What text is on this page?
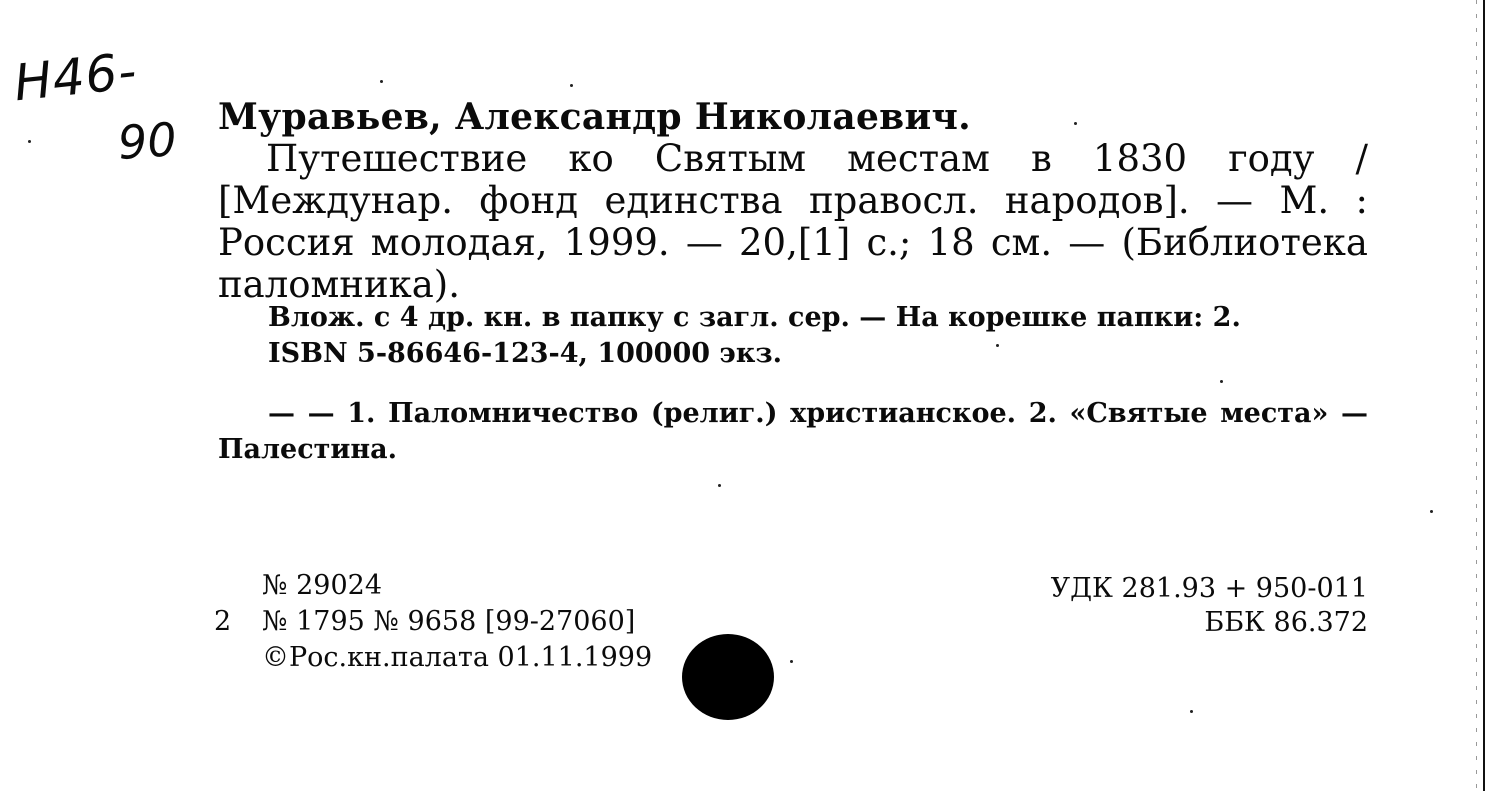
Н46-
90 Муравьев, Александр Николаевич.
Путешествие ко Святым местам в 1830 году / [Междунар. фонд единства правосл. народов]. — М. : Россия молодая, 1999. — 20,[1] с.; 18 см. — (Библиотека паломника).
Влож. с 4 др. кн. в папку с загл. сер. — На корешке папки: 2.
ISBN 5-86646-123-4, 100000 экз.
— — 1. Паломничество (религ.) христианское. 2. «Святые места» — Палестина.
№ 29024
№ 1795 № 9658 [99-27060]
©Рос.кн.палата 01.11.1999
2
УДК 281.93 + 950-011
ББК 86.372
